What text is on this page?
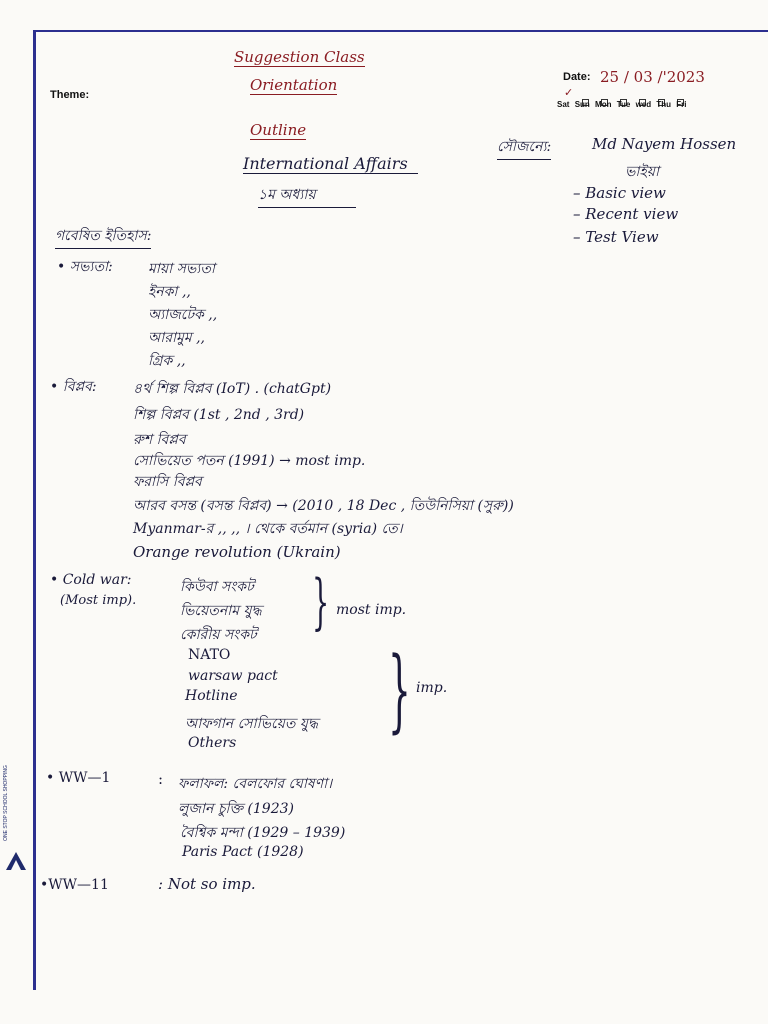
Suggestion Class
Orientation
Theme:
Date: 25 / 03 /'2023
✓
Sat Sun Mon Tue wed Thu Fri
Outline
International Affairs
১ম অধ্যায়
সৌজন্যে:	Md Nayem Hossen
ভাইয়া
– Basic view
– Recent view
– Test View
গবেষিত ইতিহাস:
• সভ্যতা:	মায়া সভ্যতা
ইনকা ,,
অ্যাজটেক ,,
আরামুম ,,
গ্রিক ,,
• বিপ্লব:	৪র্থ শিল্প বিপ্লব (IoT) . (chatGpt)
শিল্প বিপ্লব (1st , 2nd , 3rd)
রুশ বিপ্লব
সোভিয়েত পতন (1991) → most imp.
ফরাসি বিপ্লব
আরব বসন্ত (বসন্ত বিপ্লব) → (2010 , 18 Dec , তিউনিসিয়া (সুরু))
Myanmar-র ,, ,, । থেকে বর্তমান (syria) তে।
Orange revolution (Ukrain)
• Cold war:
(Most imp).
কিউবা সংকট
ভিয়েতনাম যুদ্ধ
কোরীয় সংকট } most imp.
NATO
warsaw pact
Hotline
আফগান সোভিয়েত যুদ্ধ
Others } imp.
• WW—1	: ফলাফল: বেলফোর ঘোষণা।
লুজান চুক্তি (1923)
বৈশ্বিক মন্দা (1929 – 1939)
Paris Pact (1928)
•WW—11	: Not so imp.
ONE STOP SCHOOL SHOPPING
